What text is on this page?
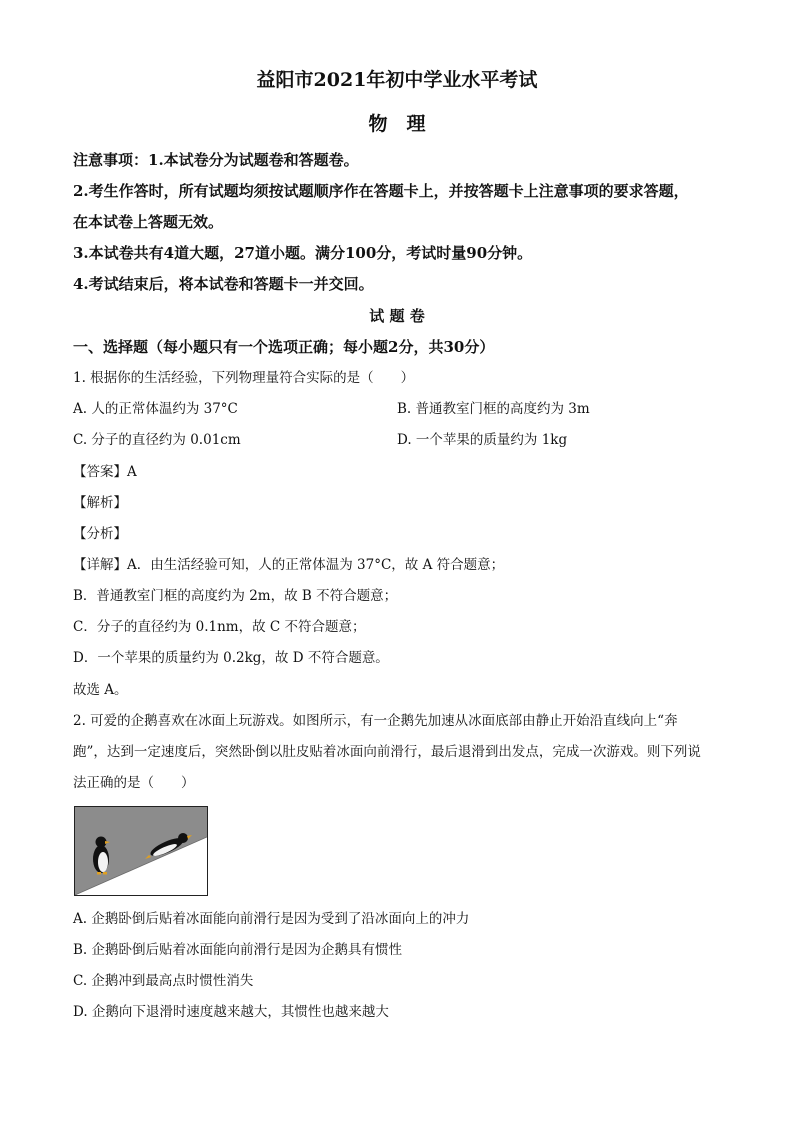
益阳市2021年初中学业水平考试
物　理
注意事项：1.本试卷分为试题卷和答题卷。
2.考生作答时，所有试题均须按试题顺序作在答题卡上，并按答题卡上注意事项的要求答题，
在本试卷上答题无效。
3.本试卷共有4道大题，27道小题。满分100分，考试时量90分钟。
4.考试结束后，将本试卷和答题卡一并交回。
试 题 卷
一、选择题（每小题只有一个选项正确；每小题2分，共30分）
1. 根据你的生活经验，下列物理量符合实际的是（　　）
A. 人的正常体温约为 37°C	B. 普通教室门框的高度约为 3m
C. 分子的直径约为 0.01cm	D. 一个苹果的质量约为 1kg
【答案】A
【解析】
【分析】
【详解】A．由生活经验可知，人的正常体温为 37°C，故 A 符合题意；
B．普通教室门框的高度约为 2m，故 B 不符合题意；
C．分子的直径约为 0.1nm，故 C 不符合题意；
D．一个苹果的质量约为 0.2kg，故 D 不符合题意。
故选 A。
2. 可爱的企鹅喜欢在冰面上玩游戏。如图所示，有一企鹅先加速从冰面底部由静止开始沿直线向上“奔
跑”，达到一定速度后，突然卧倒以肚皮贴着冰面向前滑行，最后退滑到出发点，完成一次游戏。则下列说
法正确的是（　　）
A. 企鹅卧倒后贴着冰面能向前滑行是因为受到了沿冰面向上的冲力
B. 企鹅卧倒后贴着冰面能向前滑行是因为企鹅具有惯性
C. 企鹅冲到最高点时惯性消失
D. 企鹅向下退滑时速度越来越大，其惯性也越来越大
